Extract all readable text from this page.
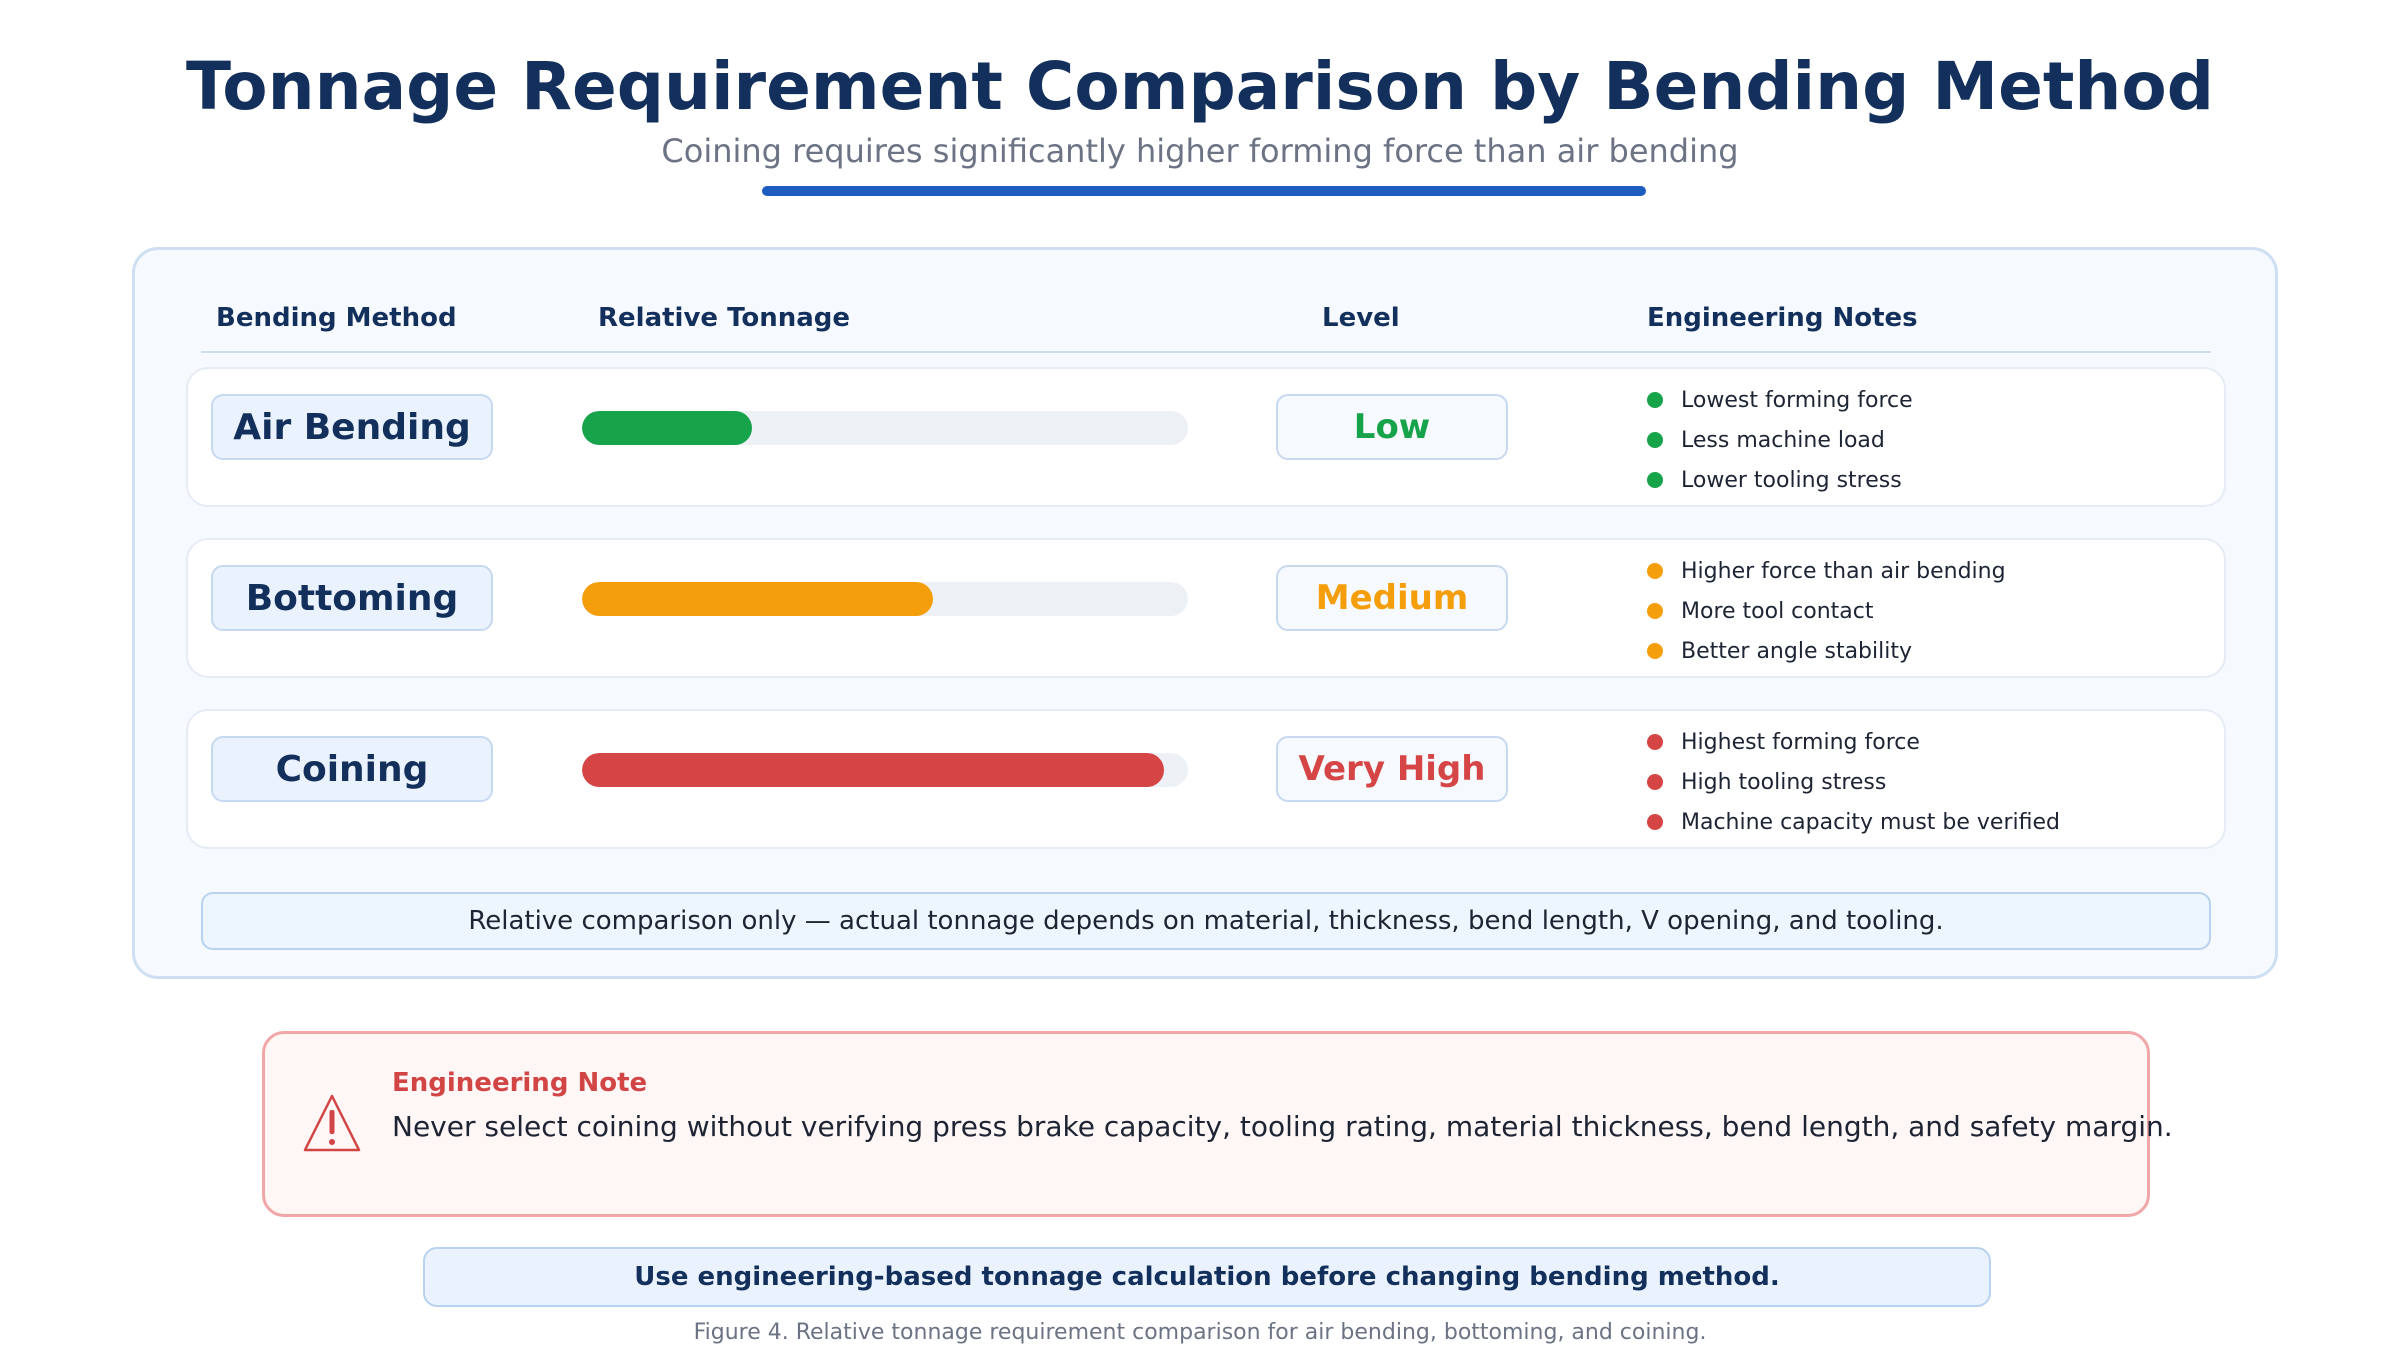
Tonnage Requirement Comparison by Bending Method
Coining requires significantly higher forming force than air bending
Bending Method	Relative Tonnage	Level	Engineering Notes
Air Bending	Low
Lowest forming force
Less machine load
Lower tooling stress
Bottoming	Medium
Higher force than air bending
More tool contact
Better angle stability
Coining	Very High
Highest forming force
High tooling stress
Machine capacity must be verified
Relative comparison only — actual tonnage depends on material, thickness, bend length, V opening, and tooling.
Engineering Note
Never select coining without verifying press brake capacity, tooling rating, material thickness, bend length, and safety margin.
Use engineering-based tonnage calculation before changing bending method.
Figure 4. Relative tonnage requirement comparison for air bending, bottoming, and coining.
